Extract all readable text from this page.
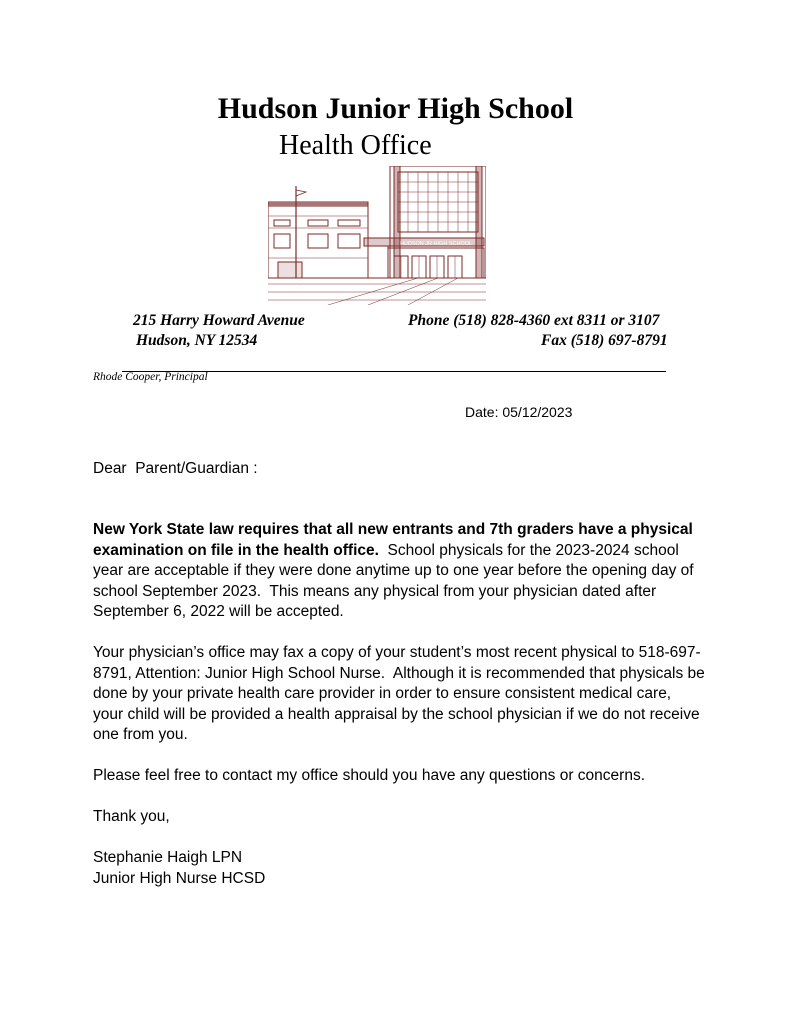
Hudson Junior High School
Health Office
HUDSON JR HIGH SCHOOL
215 Harry Howard Avenue
Hudson, NY 12534
Phone (518) 828-4360 ext 8311 or 3107
Fax (518) 697-8791
Rhode Cooper, Principal
Date: 05/12/2023
Dear  Parent/Guardian :
New York State law requires that all new entrants and 7th graders have a physical examination on file in the health office.  School physicals for the 2023-2024 school year are acceptable if they were done anytime up to one year before the opening day of school September 2023.  This means any physical from your physician dated after September 6, 2022 will be accepted.
Your physician’s office may fax a copy of your student’s most recent physical to 518-697-8791, Attention: Junior High School Nurse.  Although it is recommended that physicals be done by your private health care provider in order to ensure consistent medical care, your child will be provided a health appraisal by the school physician if we do not receive one from you.
Please feel free to contact my office should you have any questions or concerns.
Thank you,
Stephanie Haigh LPN
Junior High Nurse HCSD
